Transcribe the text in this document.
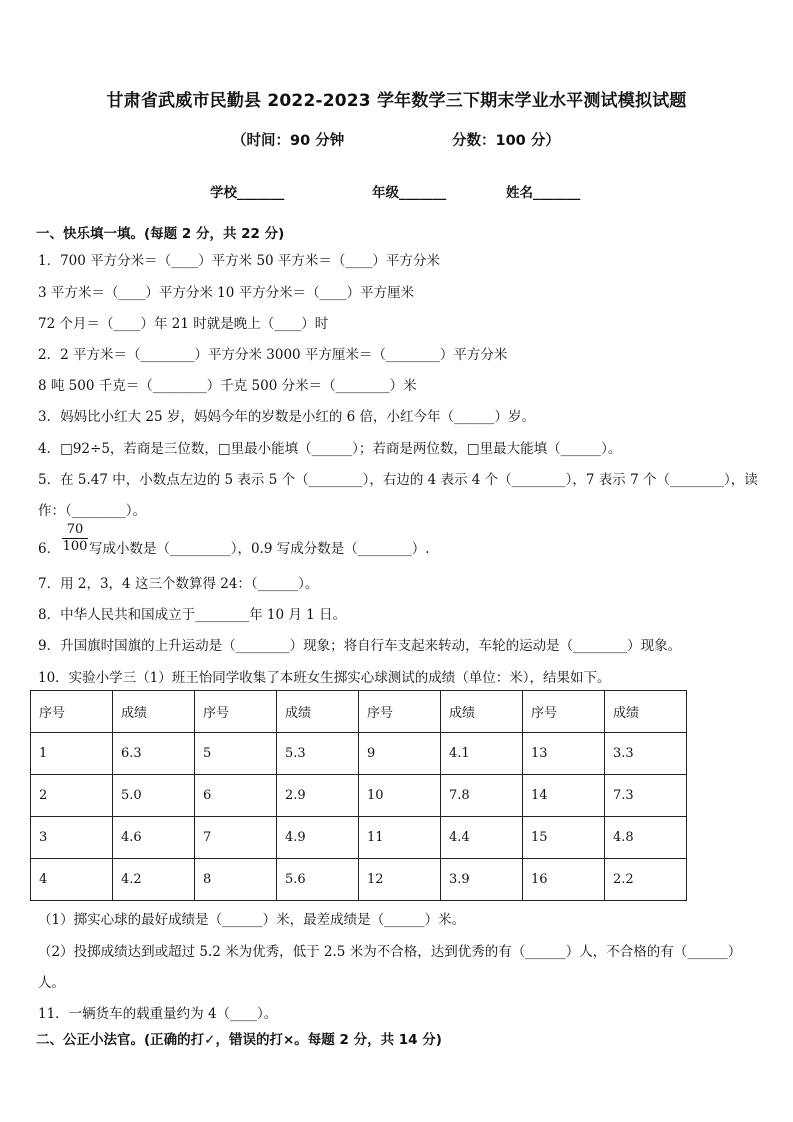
甘肃省武威市民勤县 2022-2023 学年数学三下期末学业水平测试模拟试题
（时间：90 分钟	分数：100 分）
学校_______	年级_______	姓名_______
一、快乐填一填。(每题 2 分，共 22 分)
1．700 平方分米＝（____）平方米 50 平方米＝（____）平方分米
3 平方米＝（____）平方分米 10 平方分米＝（____）平方厘米
72 个月＝（____）年 21 时就是晚上（____）时
2．2 平方米＝（________）平方分米 3000 平方厘米＝（________）平方分米
8 吨 500 千克＝（________）千克 500 分米＝（________）米
3．妈妈比小红大 25 岁，妈妈今年的岁数是小红的 6 倍，小红今年（______）岁。
4．□92÷5，若商是三位数，□里最小能填（______）；若商是两位数，□里最大能填（______）。
5．在 5.47 中，小数点左边的 5 表示 5 个（________），右边的 4 表示 4 个（________），7 表示 7 个（________），读
作：（________）。
6． $\frac{70}{100}$ 写成小数是（_________），0.9 写成分数是（________）.
7．用 2，3，4 这三个数算得 24：（______）。
8．中华人民共和国成立于________年 10 月 1 日。
9．升国旗时国旗的上升运动是（________）现象；将自行车支起来转动，车轮的运动是（________）现象。
10．实验小学三（1）班王怡同学收集了本班女生掷实心球测试的成绩（单位：米），结果如下。
序号	成绩	序号	成绩	序号	成绩	序号	成绩
1	6.3	5	5.3	9	4.1	13	3.3
2	5.0	6	2.9	10	7.8	14	7.3
3	4.6	7	4.9	11	4.4	15	4.8
4	4.2	8	5.6	12	3.9	16	2.2
（1）掷实心球的最好成绩是（______）米，最差成绩是（______）米。
（2）投掷成绩达到或超过 5.2 米为优秀，低于 2.5 米为不合格，达到优秀的有（______）人，不合格的有（______）
人。
11．一辆货车的载重量约为 4（____）。
二、公正小法官。(正确的打✓，错误的打×。每题 2 分，共 14 分)
